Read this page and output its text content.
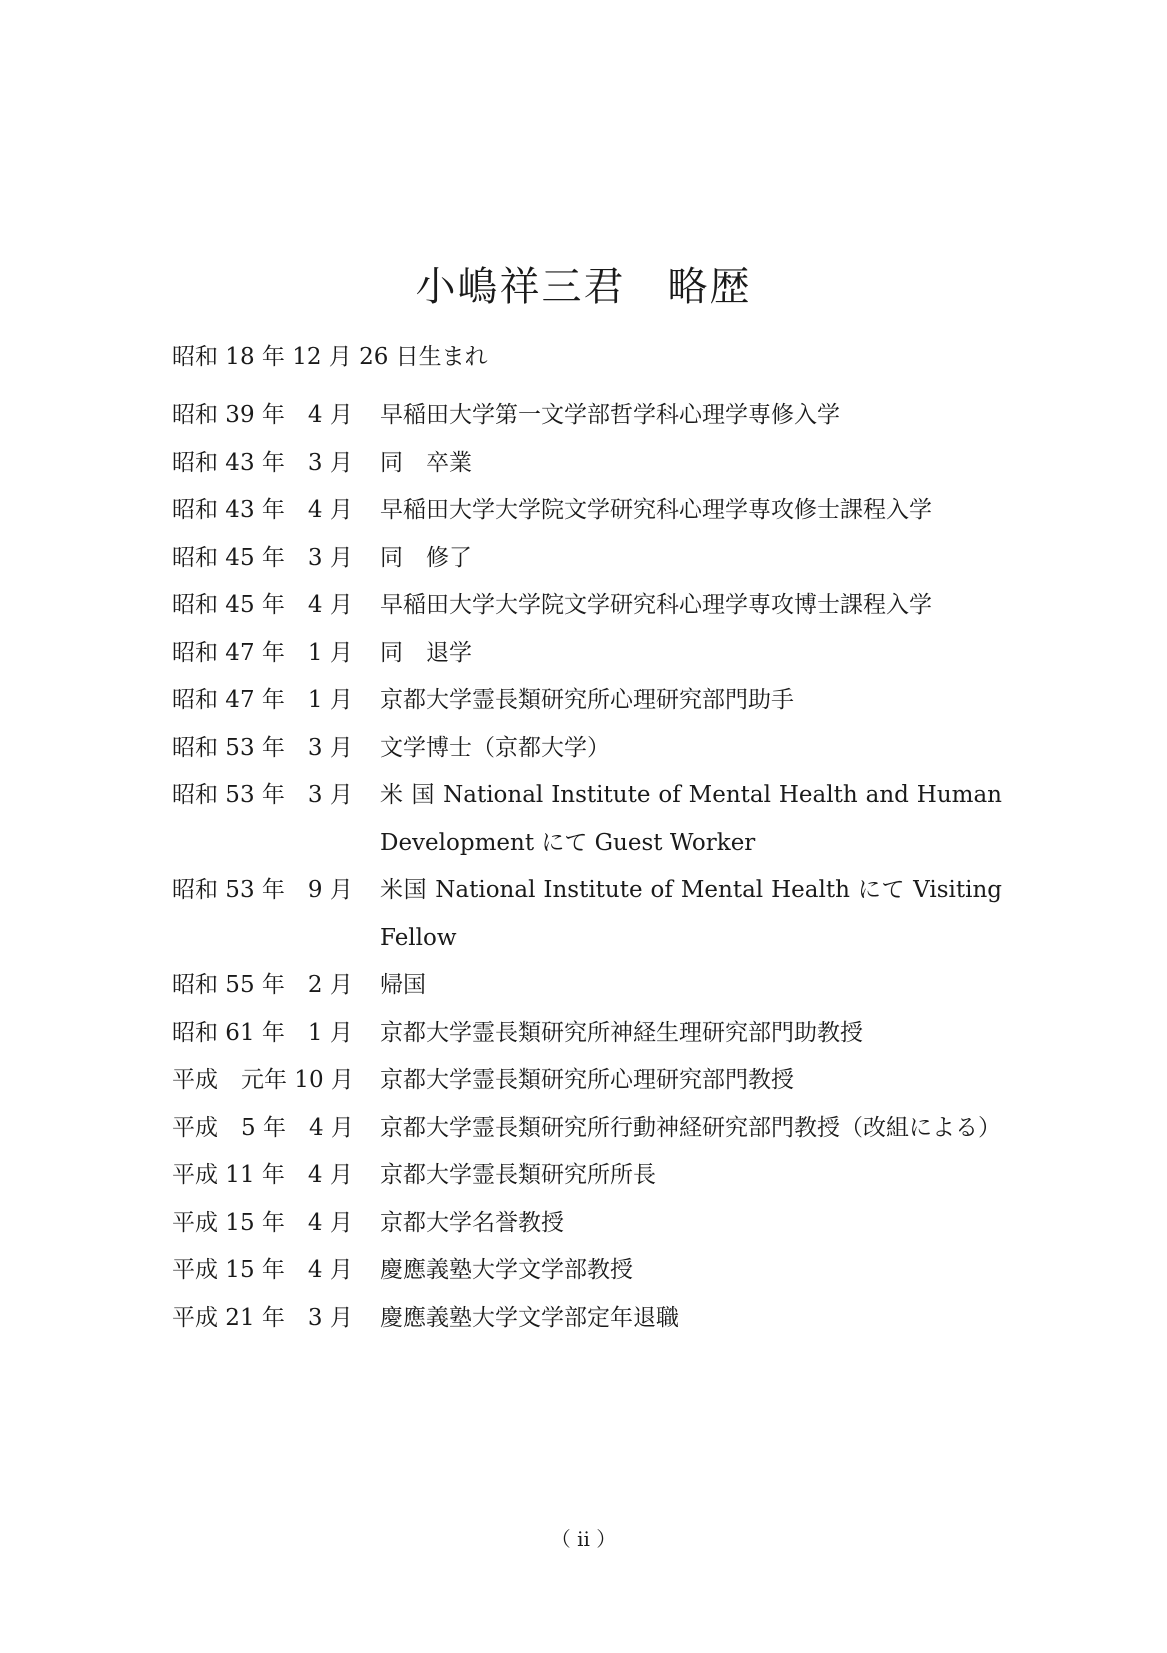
小嶋祥三君　略歴
昭和 18 年 12 月 26 日生まれ
昭和 39 年　4 月	早稲田大学第一文学部哲学科心理学専修入学
昭和 43 年　3 月	同　卒業
昭和 43 年　4 月	早稲田大学大学院文学研究科心理学専攻修士課程入学
昭和 45 年　3 月	同　修了
昭和 45 年　4 月	早稲田大学大学院文学研究科心理学専攻博士課程入学
昭和 47 年　1 月	同　退学
昭和 47 年　1 月	京都大学霊長類研究所心理研究部門助手
昭和 53 年　3 月	文学博士（京都大学）
昭和 53 年　3 月	米 国 National Institute of Mental Health and Human Development にて Guest Worker
昭和 53 年　9 月	米国 National Institute of Mental Health にて Visiting Fellow
昭和 55 年　2 月	帰国
昭和 61 年　1 月	京都大学霊長類研究所神経生理研究部門助教授
平成　元年 10 月	京都大学霊長類研究所心理研究部門教授
平成　5 年　4 月	京都大学霊長類研究所行動神経研究部門教授（改組による）
平成 11 年　4 月	京都大学霊長類研究所所長
平成 15 年　4 月	京都大学名誉教授
平成 15 年　4 月	慶應義塾大学文学部教授
平成 21 年　3 月	慶應義塾大学文学部定年退職
（ ii ）
